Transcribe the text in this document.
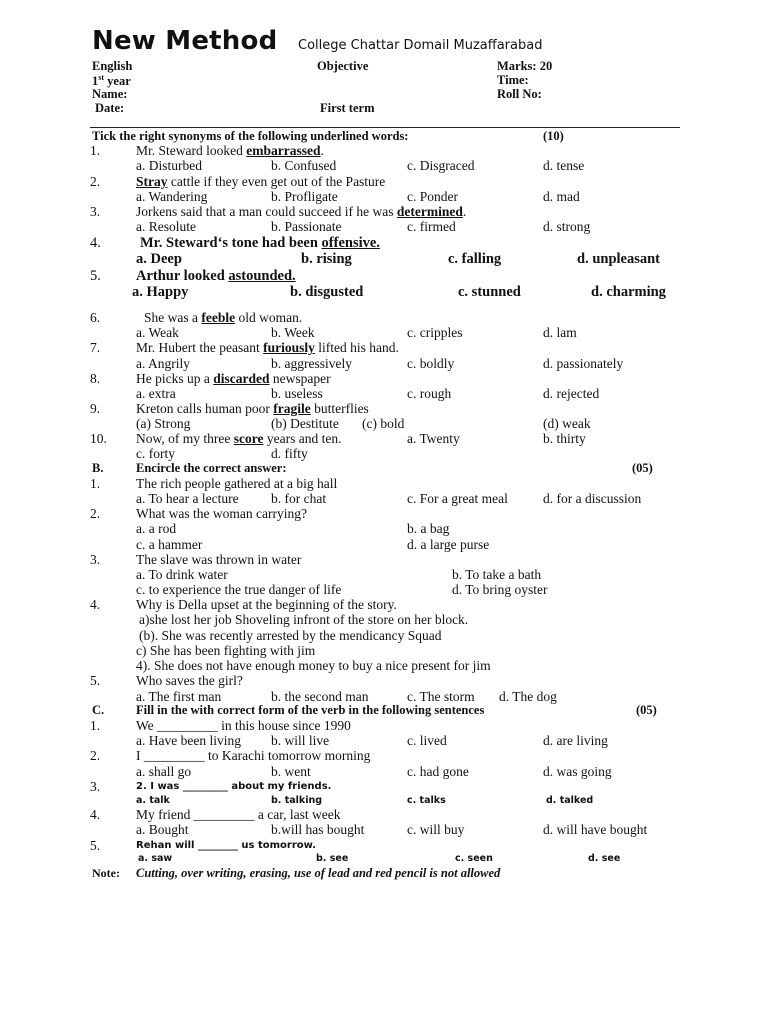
New Method College Chattar Domail Muzaffarabad
English	Objective	Marks: 20
1st year	Time:
Name:	Roll No:
Date:	First term
Tick the right synonyms of the following underlined words:	(10)
1.	Mr. Steward looked embarrassed.
a. Disturbed	b. Confused	c. Disgraced	d. tense
2.	Stray cattle if they even get out of the Pasture
a. Wandering	b. Profligate	c. Ponder	d. mad
3.	Jorkens said that a man could succeed if he was determined.
a. Resolute	b. Passionate	c. firmed	d. strong
4.	Mr. Steward‘s tone had been offensive.
a. Deep	b. rising	c. falling	d. unpleasant
5. Arthur looked astounded.
a. Happy	b. disgusted	c. stunned	d. charming
6.	She was a feeble old woman.
a. Weak	b. Week	c. cripples	d. lam
7.	Mr. Hubert the peasant furiously lifted his hand.
a. Angrily	b. aggressively	c. boldly	d. passionately
8.	He picks up a discarded newspaper
a. extra	b. useless	c. rough	d. rejected
9.	Kreton calls human poor fragile butterflies
(a) Strong	(b) Destitute (c) bold	(d) weak
10. Now, of my three score years and ten.	a. Twenty	b. thirty
c. forty	d. fifty
B.	Encircle the correct answer:	(05)
1.	The rich people gathered at a big hall
a. To hear a lecture b. for chat	c. For a great meal	d. for a discussion
2.	What was the woman carrying?
a. a rod	b. a bag
c. a hammer	d. a large purse
3.	The slave was thrown in water
a. To drink water	b. To take a bath
c. to experience the true danger of life	d. To bring oyster
4.	Why is Della upset at the beginning of the story.
a)she lost her job Shoveling infront of the store on her block.
(b). She was recently arrested by the mendicancy Squad
c) She has been fighting with jim
4). She does not have enough money to buy a nice present for jim
5.	Who saves the girl?
a. The first man	b. the second man	c. The storm d. The dog
C.	Fill in the with correct form of the verb in the following sentences	(05)
1.	We _________ in this house since 1990
a. Have been living b. will live	c. lived	d. are living
2.	I _________ to Karachi tomorrow morning
a. shall go	b. went	c. had gone	d. was going
3.	2. I was _________ about my friends.
a. talk	b. talking	c. talks	d. talked
4.	My friend _________ a car, last week
a. Bought	b.will has bought	c. will buy	d. will have bought
5.	Rehan will ________ us tomorrow.
a. saw	b. see	c. seen	d. see
Note: Cutting, over writing, erasing, use of lead and red pencil is not allowed
